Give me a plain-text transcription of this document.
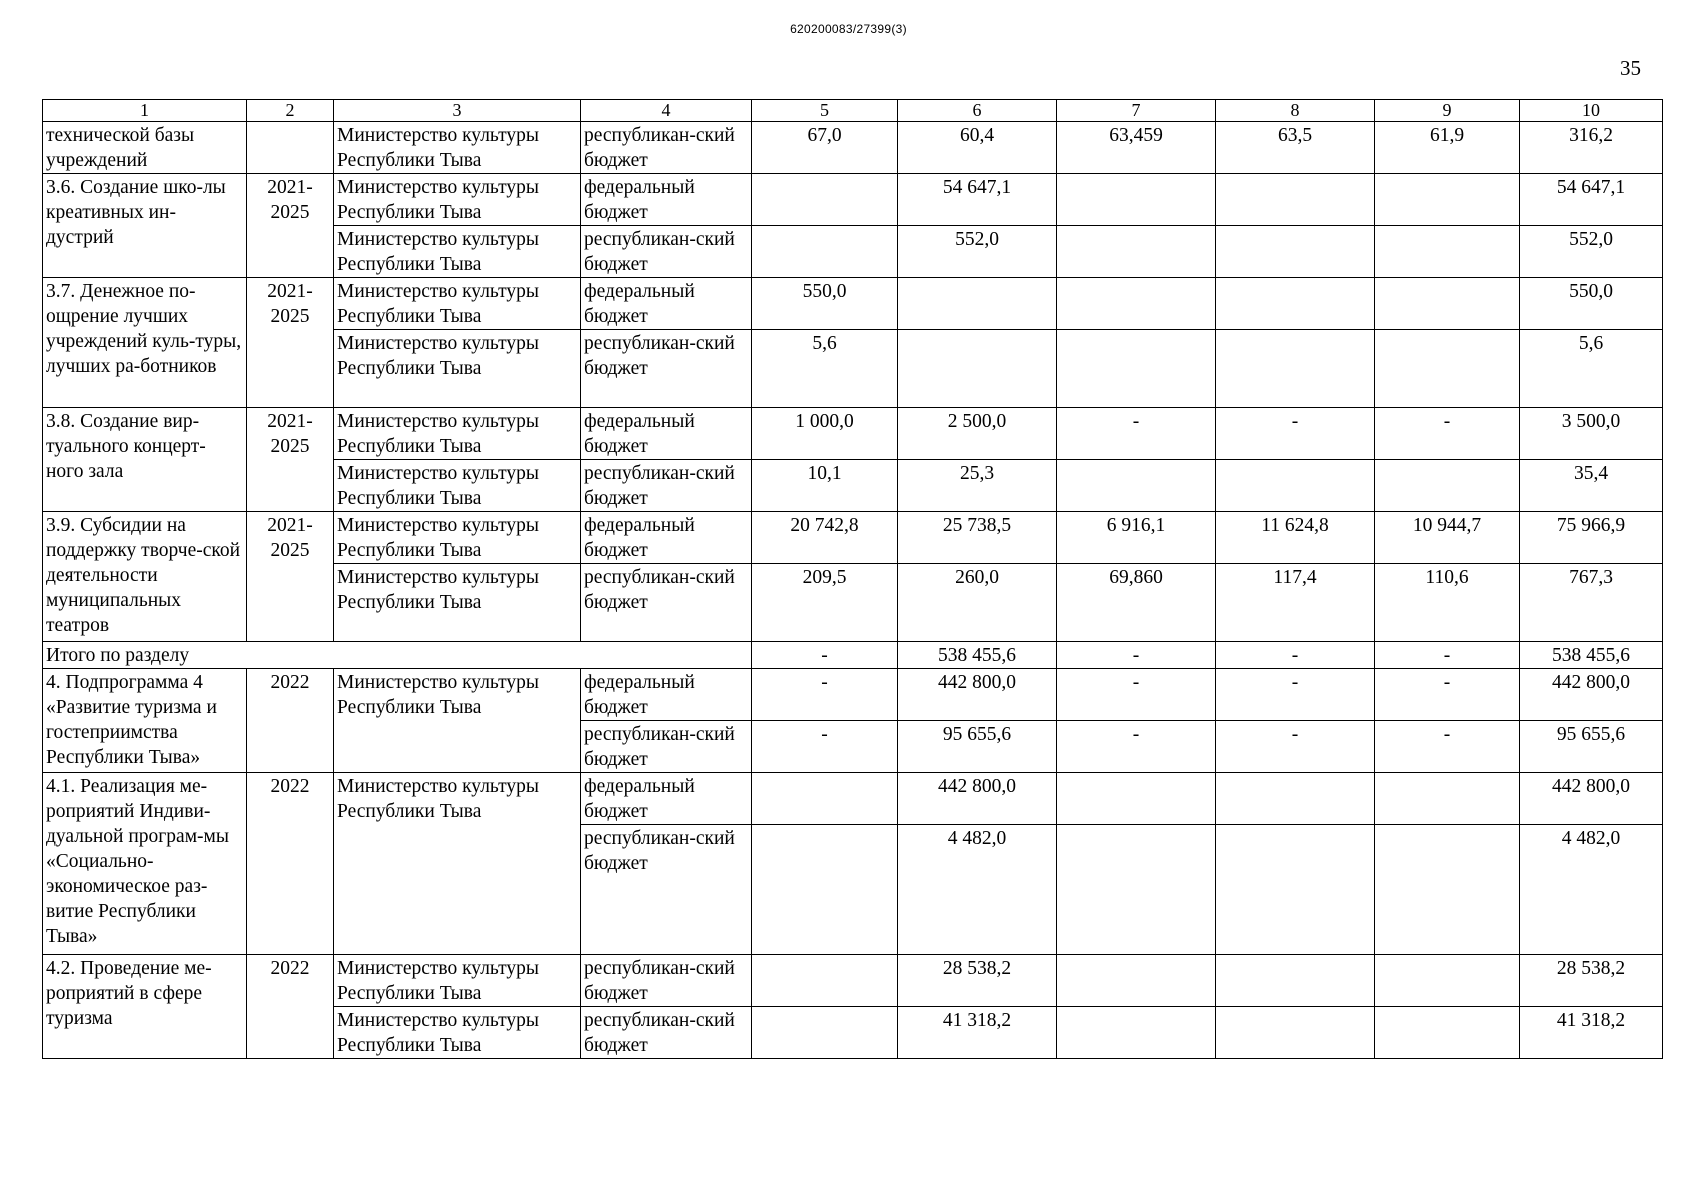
620200083/27399(3)
35
1	2	3	4	5	6	7	8	9	10
технической базы учреждений		Министерство культуры Республики Тыва	республикан-ский бюджет	67,0	60,4	63,459	63,5	61,9	316,2
3.6. Создание шко-лы креативных ин-дустрий	2021-2025	Министерство культуры Республики Тыва	федеральный бюджет		54 647,1				54 647,1
		Министерство культуры Республики Тыва	республикан-ский бюджет		552,0				552,0
3.7. Денежное по-ощрение лучших учреждений куль-туры, лучших ра-ботников	2021-2025	Министерство культуры Республики Тыва	федеральный бюджет	550,0					550,0
		Министерство культуры Республики Тыва	республикан-ский бюджет	5,6					5,6
3.8. Создание вир-туального концерт-ного зала	2021-2025	Министерство культуры Республики Тыва	федеральный бюджет	1 000,0	2 500,0	-	-	-	3 500,0
		Министерство культуры Республики Тыва	республикан-ский бюджет	10,1	25,3				35,4
3.9. Субсидии на поддержку творче-ской деятельности муниципальных театров	2021-2025	Министерство культуры Республики Тыва	федеральный бюджет	20 742,8	25 738,5	6 916,1	11 624,8	10 944,7	75 966,9
		Министерство культуры Республики Тыва	республикан-ский бюджет	209,5	260,0	69,860	117,4	110,6	767,3
Итого по разделу				-	538 455,6	-	-	-	538 455,6
4. Подпрограмма 4 «Развитие туризма и гостеприимства Республики Тыва»	2022	Министерство культуры Республики Тыва	федеральный бюджет	-	442 800,0	-	-	-	442 800,0
			республикан-ский бюджет	-	95 655,6	-	-	-	95 655,6
4.1. Реализация ме-роприятий Индиви-дуальной програм-мы «Социально-экономическое раз-витие Республики Тыва»	2022	Министерство культуры Республики Тыва	федеральный бюджет		442 800,0				442 800,0
			республикан-ский бюджет		4 482,0				4 482,0
4.2. Проведение ме-роприятий в сфере туризма	2022	Министерство культуры Республики Тыва	республикан-ский бюджет		28 538,2				28 538,2
		Министерство культуры Республики Тыва	республикан-ский бюджет		41 318,2				41 318,2
